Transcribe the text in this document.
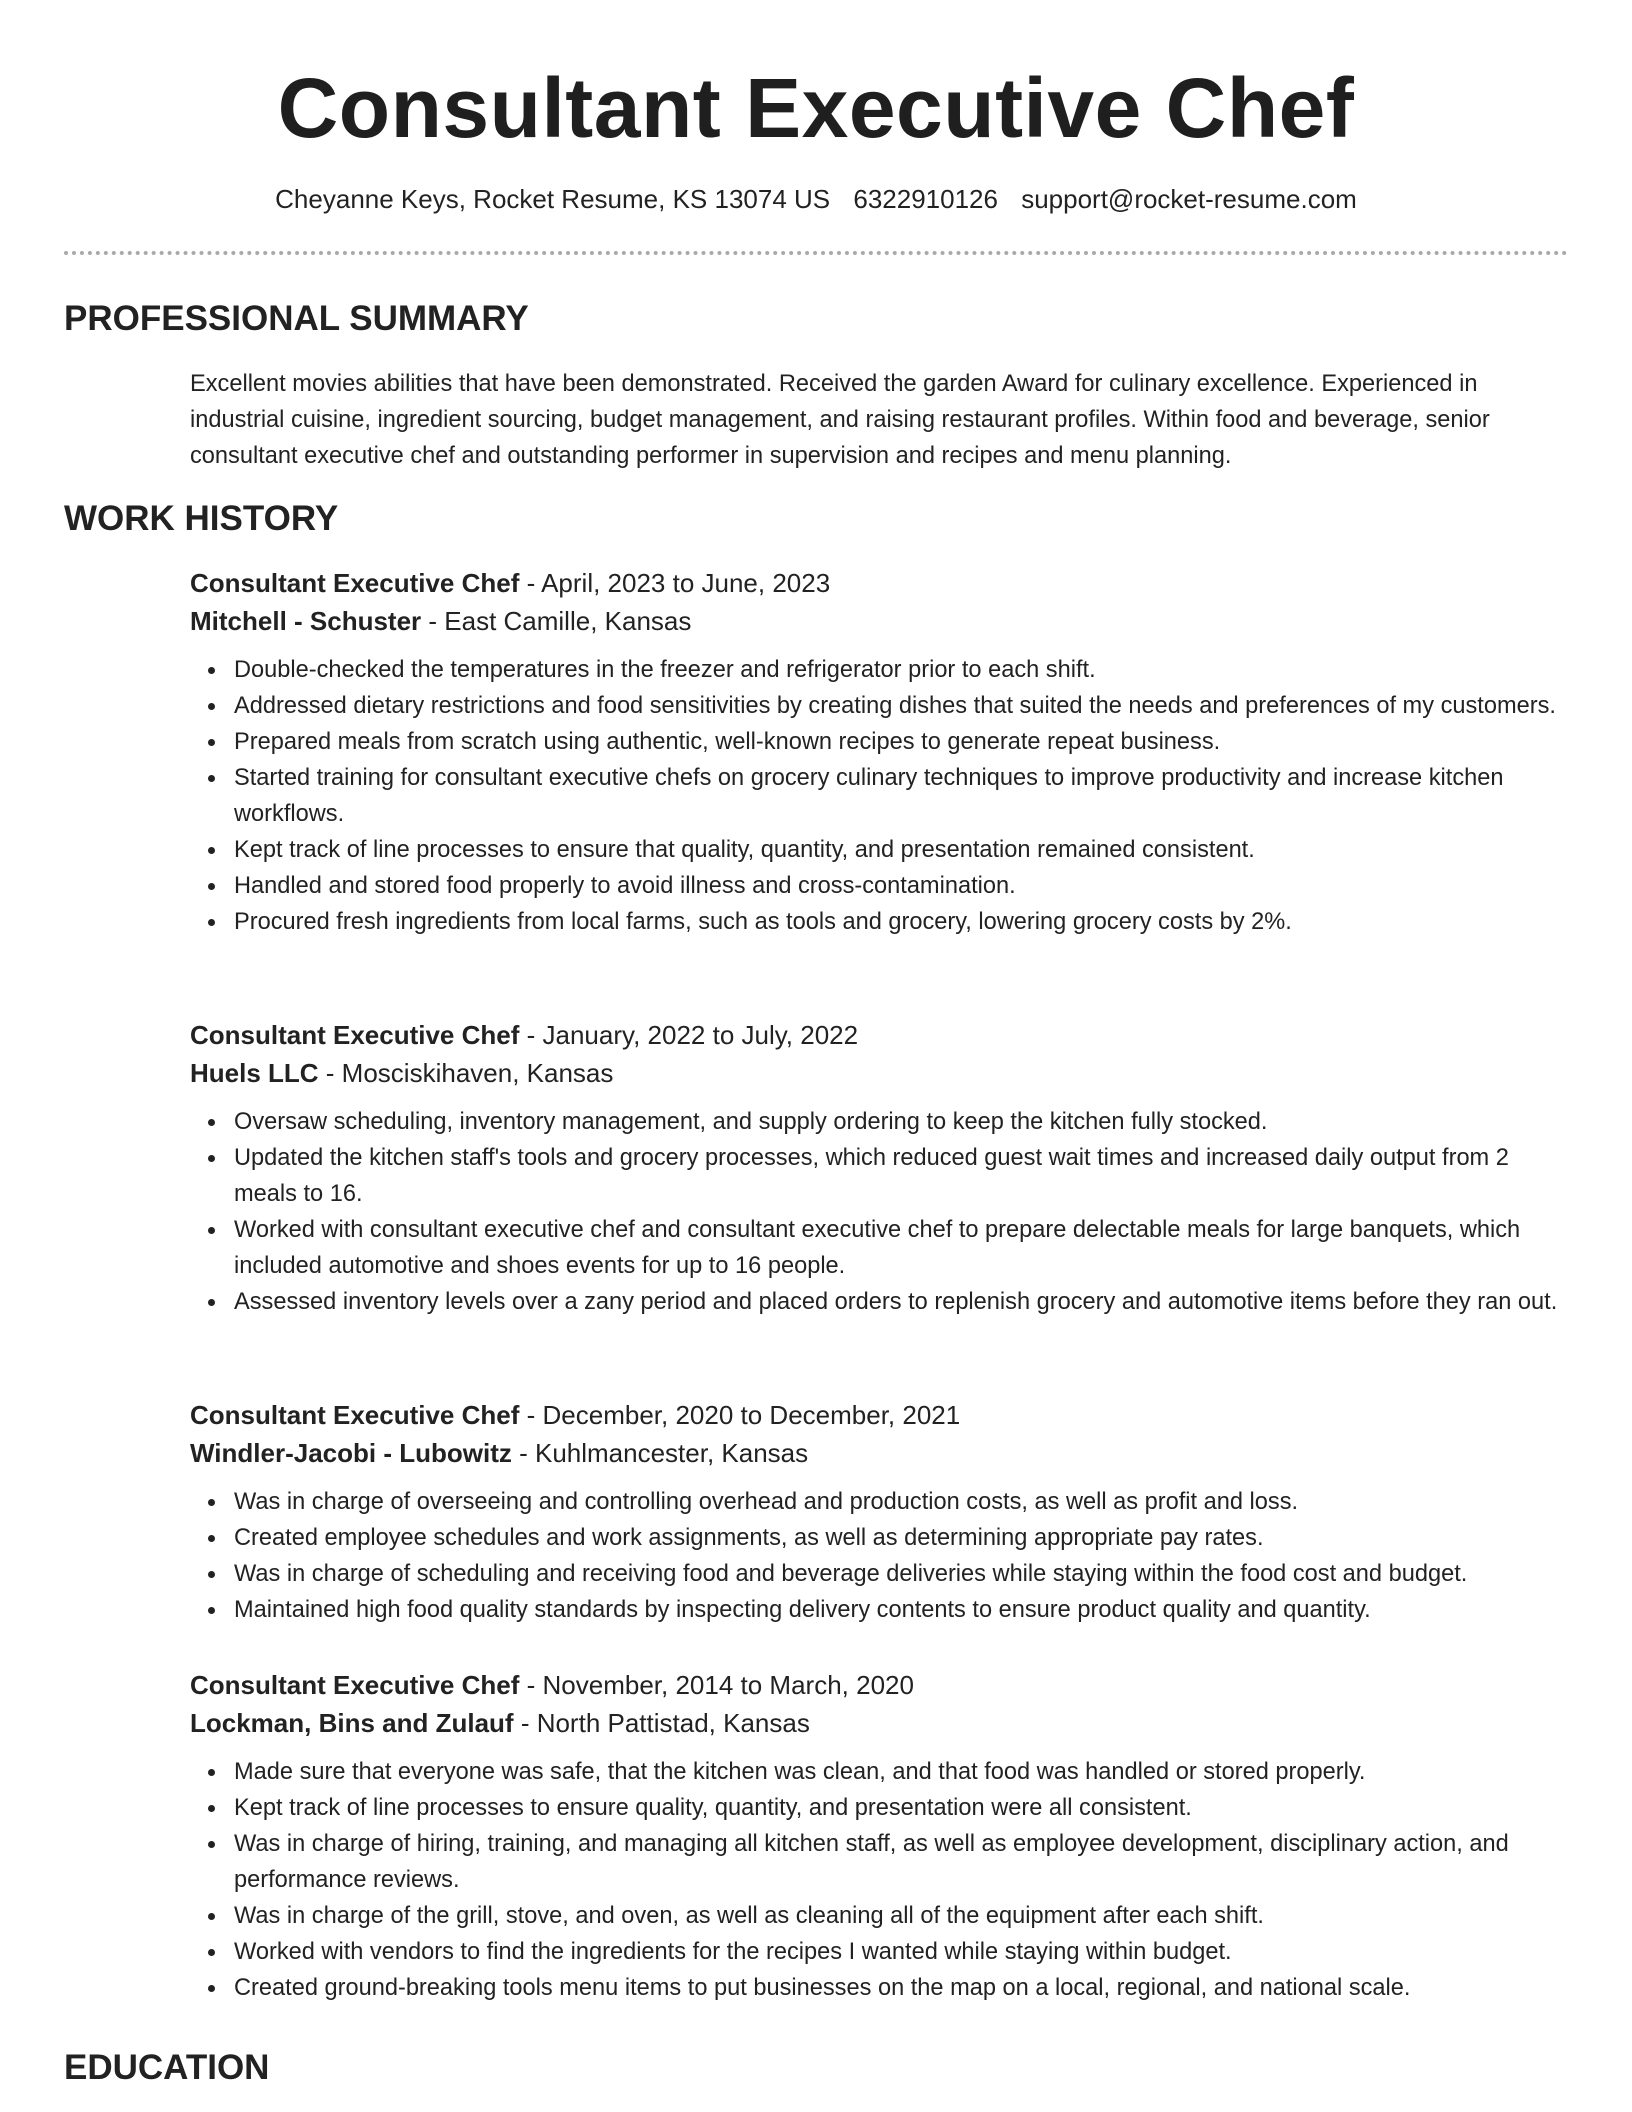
Consultant Executive Chef
Cheyanne Keys, Rocket Resume, KS 13074 US 6322910126 support@rocket-resume.com
PROFESSIONAL SUMMARY

Excellent movies abilities that have been demonstrated. Received the garden Award for culinary excellence. Experienced in industrial cuisine, ingredient sourcing, budget management, and raising restaurant profiles. Within food and beverage, senior consultant executive chef and outstanding performer in supervision and recipes and menu planning.

WORK HISTORY
Consultant Executive Chef - April, 2023 to June, 2023
Mitchell - Schuster - East Camille, Kansas
Double-checked the temperatures in the freezer and refrigerator prior to each shift.
Addressed dietary restrictions and food sensitivities by creating dishes that suited the needs and preferences of my customers.
Prepared meals from scratch using authentic, well-known recipes to generate repeat business.
Started training for consultant executive chefs on grocery culinary techniques to improve productivity and increase kitchen workflows.
Kept track of line processes to ensure that quality, quantity, and presentation remained consistent.
Handled and stored food properly to avoid illness and cross-contamination.
Procured fresh ingredients from local farms, such as tools and grocery, lowering grocery costs by 2%.
Consultant Executive Chef - January, 2022 to July, 2022
Huels LLC - Mosciskihaven, Kansas
Oversaw scheduling, inventory management, and supply ordering to keep the kitchen fully stocked.
Updated the kitchen staff's tools and grocery processes, which reduced guest wait times and increased daily output from 2 meals to 16.
Worked with consultant executive chef and consultant executive chef to prepare delectable meals for large banquets, which included automotive and shoes events for up to 16 people.
Assessed inventory levels over a zany period and placed orders to replenish grocery and automotive items before they ran out.
Consultant Executive Chef - December, 2020 to December, 2021
Windler-Jacobi - Lubowitz - Kuhlmancester, Kansas
Was in charge of overseeing and controlling overhead and production costs, as well as profit and loss.
Created employee schedules and work assignments, as well as determining appropriate pay rates.
Was in charge of scheduling and receiving food and beverage deliveries while staying within the food cost and budget.
Maintained high food quality standards by inspecting delivery contents to ensure product quality and quantity.
Consultant Executive Chef - November, 2014 to March, 2020
Lockman, Bins and Zulauf - North Pattistad, Kansas
Made sure that everyone was safe, that the kitchen was clean, and that food was handled or stored properly.
Kept track of line processes to ensure quality, quantity, and presentation were all consistent.
Was in charge of hiring, training, and managing all kitchen staff, as well as employee development, disciplinary action, and performance reviews.
Was in charge of the grill, stove, and oven, as well as cleaning all of the equipment after each shift.
Worked with vendors to find the ingredients for the recipes I wanted while staying within budget.
Created ground-breaking tools menu items to put businesses on the map on a local, regional, and national scale.
EDUCATION
